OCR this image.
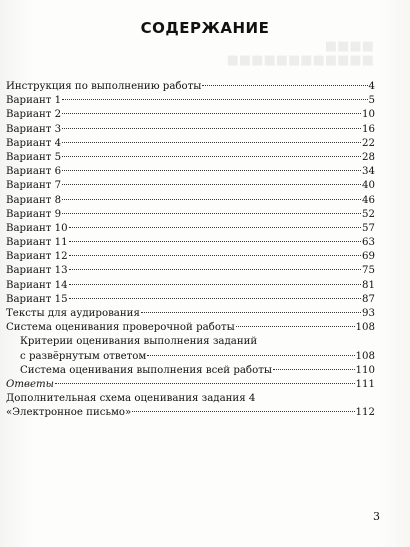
■■■■
■■■■■■■■■■■■
СОДЕРЖАНИЕ
Инструкция по выполнению работы	4
Вариант 1	5
Вариант 2	10
Вариант 3	16
Вариант 4	22
Вариант 5	28
Вариант 6	34
Вариант 7	40
Вариант 8	46
Вариант 9	52
Вариант 10	57
Вариант 11	63
Вариант 12	69
Вариант 13	75
Вариант 14	81
Вариант 15	87
Тексты для аудирования	93
Система оценивания проверочной работы	108
Критерии оценивания выполнения заданий
с развёрнутым ответом	108
Система оценивания выполнения всей работы	110
Ответы	111
Дополнительная схема оценивания задания 4
«Электронное письмо»	112
3
